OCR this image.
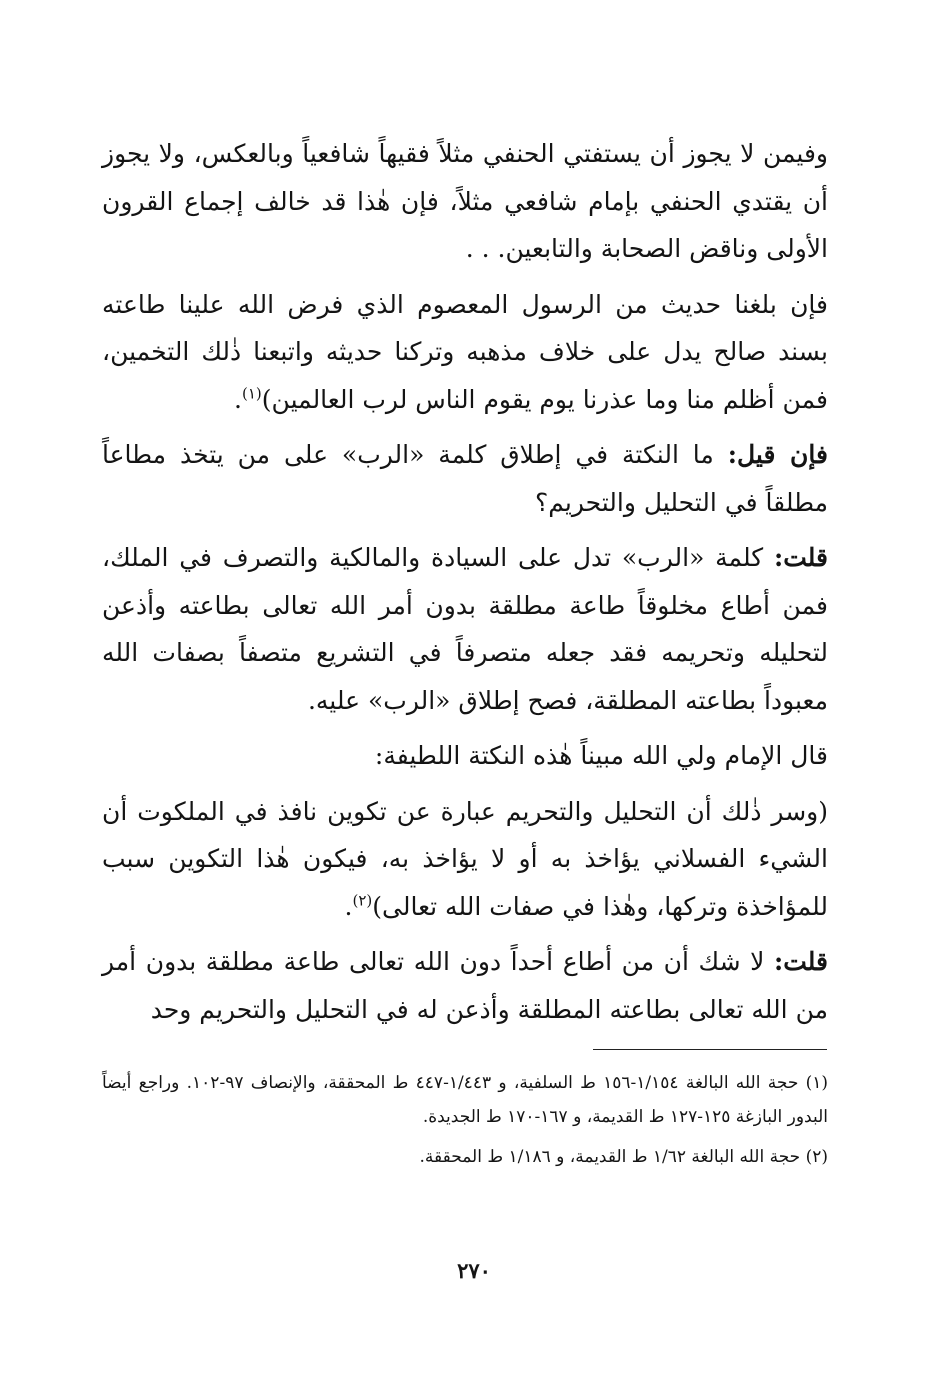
وفيمن لا يجوز أن يستفتي الحنفي مثلاً فقيهاً شافعياً وبالعكس، ولا يجوز أن يقتدي الحنفي بإمام شافعي مثلاً، فإن هٰذا قد خالف إجماع القرون الأولى وناقض الصحابة والتابعين. . .

فإن بلغنا حديث من الرسول المعصوم الذي فرض الله علينا طاعته بسند صالح يدل على خلاف مذهبه وتركنا حديثه واتبعنا ذٰلك التخمين، فمن أظلم منا وما عذرنا يوم يقوم الناس لرب العالمين)$^{(١)}$.

فإن قيل: ما النكتة في إطلاق كلمة «الرب» على من يتخذ مطاعاً مطلقاً في التحليل والتحريم؟

قلت: كلمة «الرب» تدل على السيادة والمالكية والتصرف في الملك، فمن أطاع مخلوقاً طاعة مطلقة بدون أمر الله تعالى بطاعته وأذعن لتحليله وتحريمه فقد جعله متصرفاً في التشريع متصفاً بصفات الله معبوداً بطاعته المطلقة، فصح إطلاق «الرب» عليه.

قال الإمام ولي الله مبيناً هٰذه النكتة اللطيفة:

(وسر ذٰلك أن التحليل والتحريم عبارة عن تكوين نافذ في الملكوت أن الشيء الفسلاني يؤاخذ به أو لا يؤاخذ به، فيكون هٰذا التكوين سبب للمؤاخذة وتركها، وهٰذا في صفات الله تعالى)$^{(٢)}$.

قلت: لا شك أن من أطاع أحداً دون الله تعالى طاعة مطلقة بدون أمر من الله تعالى بطاعته المطلقة وأذعن له في التحليل والتحريم وحد

(١) حجة الله البالغة ١/١٥٤-١٥٦ ط السلفية، و ١/٤٤٣-٤٤٧ ط المحققة، والإنصاف ٩٧-١٠٢. وراجع أيضاً البدور البازغة ١٢٥-١٢٧ ط القديمة، و ١٦٧-١٧٠ ط الجديدة.

(٢) حجة الله البالغة ١/٦٢ ط القديمة، و ١/١٨٦ ط المحققة.

٢٧٠
